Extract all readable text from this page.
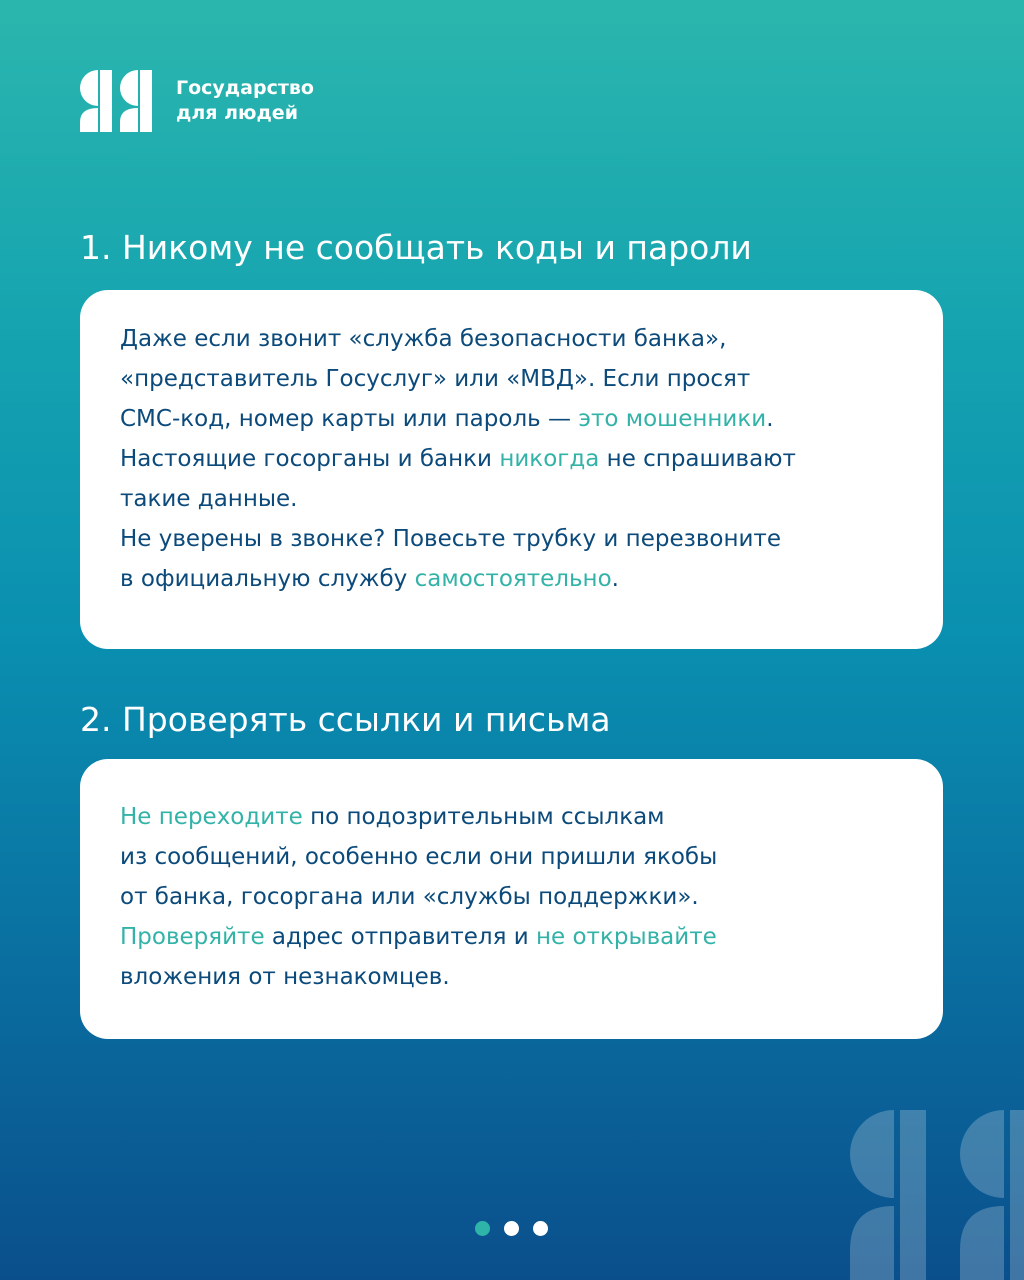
Государство
для людей
1. Никому не сообщать коды и пароли

Даже если звонит «служба безопасности банка»,
«представитель Госуслуг» или «МВД». Если просят
СМС-код, номер карты или пароль — это мошенники.
Настоящие госорганы и банки никогда не спрашивают
такие данные.
Не уверены в звонке? Повесьте трубку и перезвоните
в официальную службу самостоятельно.

2. Проверять ссылки и письма

Не переходите по подозрительным ссылкам
из сообщений, особенно если они пришли якобы
от банка, госоргана или «службы поддержки».
Проверяйте адрес отправителя и не открывайте
вложения от незнакомцев.
